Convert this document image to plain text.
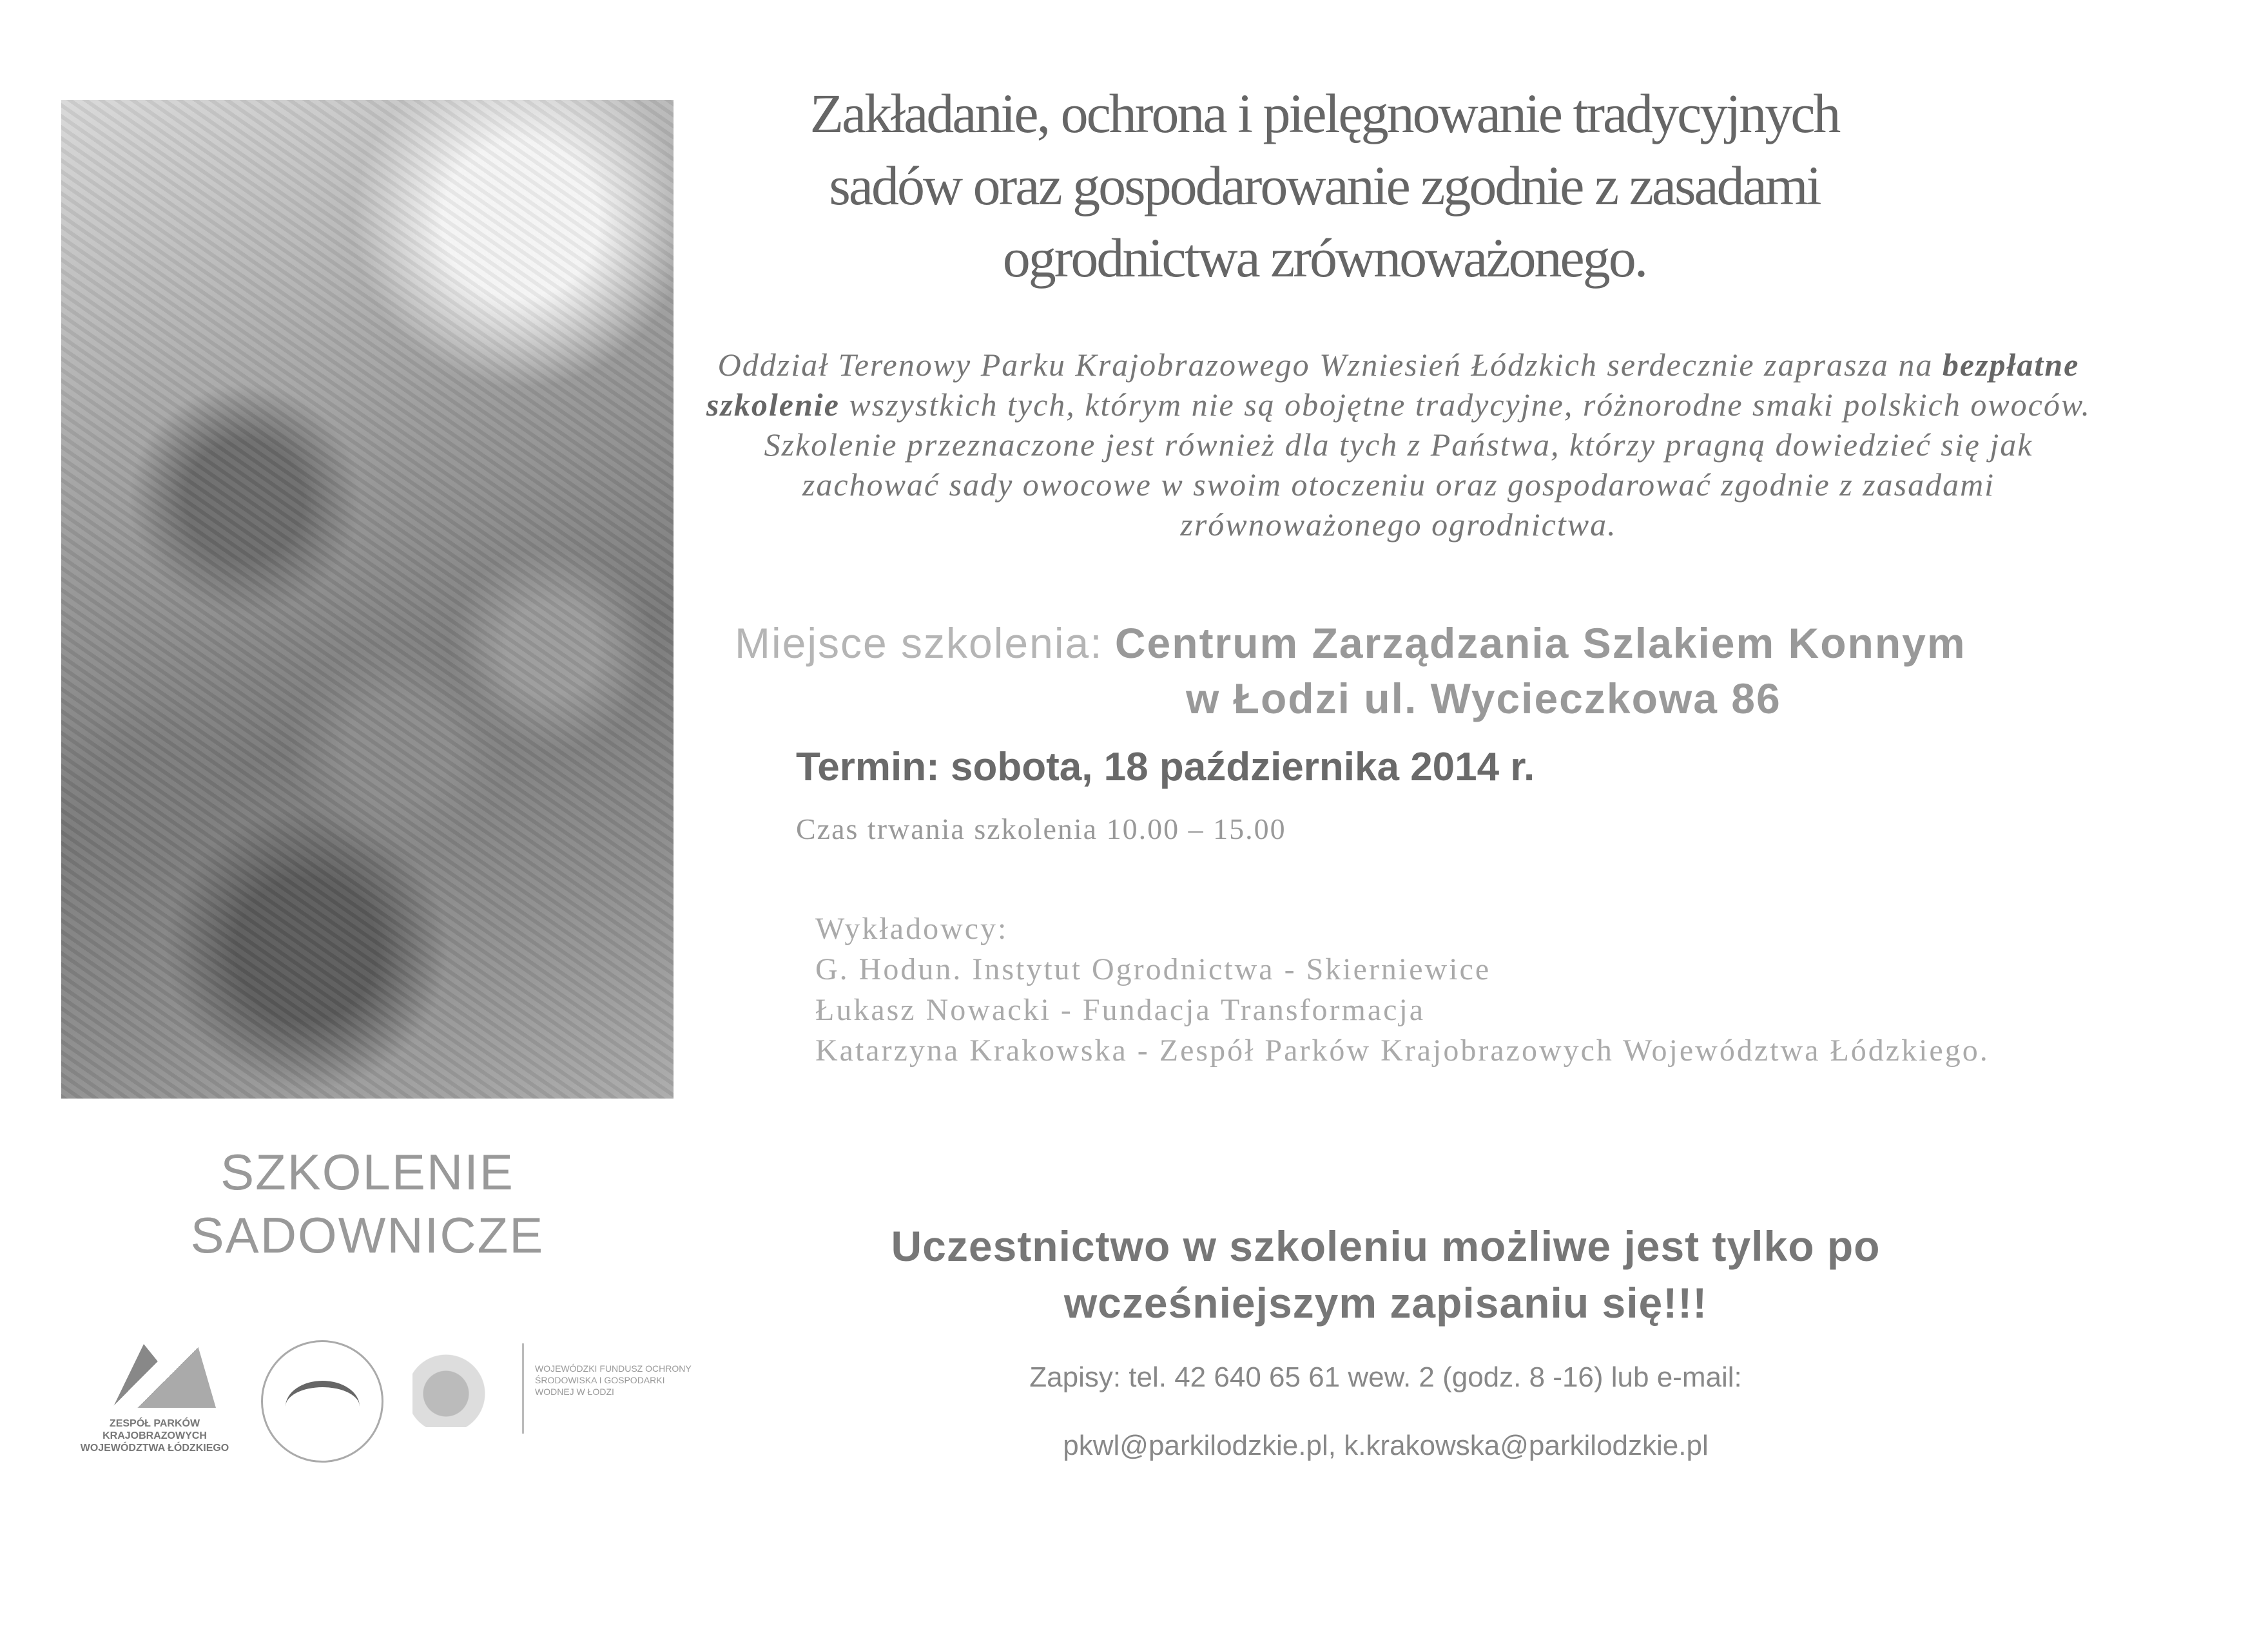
SZKOLENIE
SADOWNICZE
ZESPÓŁ PARKÓW KRAJOBRAZOWYCH WOJEWÓDZTWA ŁÓDZKIEGO
WOJEWÓDZKI FUNDUSZ OCHRONY ŚRODOWISKA I GOSPODARKI WODNEJ W ŁODZI
Zakładanie, ochrona i pielęgnowanie tradycyjnych
sadów oraz gospodarowanie zgodnie z zasadami
ogrodnictwa zrównoważonego.
Oddział Terenowy Parku Krajobrazowego Wzniesień Łódzkich serdecznie zaprasza na bezpłatne szkolenie wszystkich tych, którym nie są obojętne tradycyjne, różnorodne smaki polskich owoców. Szkolenie przeznaczone jest również dla tych z Państwa, którzy pragną dowiedzieć się jak zachować sady owocowe w swoim otoczeniu oraz gospodarować zgodnie z zasadami zrównoważonego ogrodnictwa.
Miejsce szkolenia: Centrum Zarządzania Szlakiem Konnym
w Łodzi ul. Wycieczkowa 86
Termin: sobota, 18 października 2014 r.
Czas trwania szkolenia 10.00 – 15.00
Wykładowcy:
G. Hodun. Instytut Ogrodnictwa - Skierniewice
Łukasz Nowacki - Fundacja Transformacja
Katarzyna Krakowska - Zespół Parków Krajobrazowych Województwa Łódzkiego.
Uczestnictwo w szkoleniu możliwe jest tylko po
wcześniejszym zapisaniu się!!!
Zapisy: tel. 42 640 65 61 wew. 2 (godz. 8 -16) lub e-mail:
pkwl@parkilodzkie.pl, k.krakowska@parkilodzkie.pl
